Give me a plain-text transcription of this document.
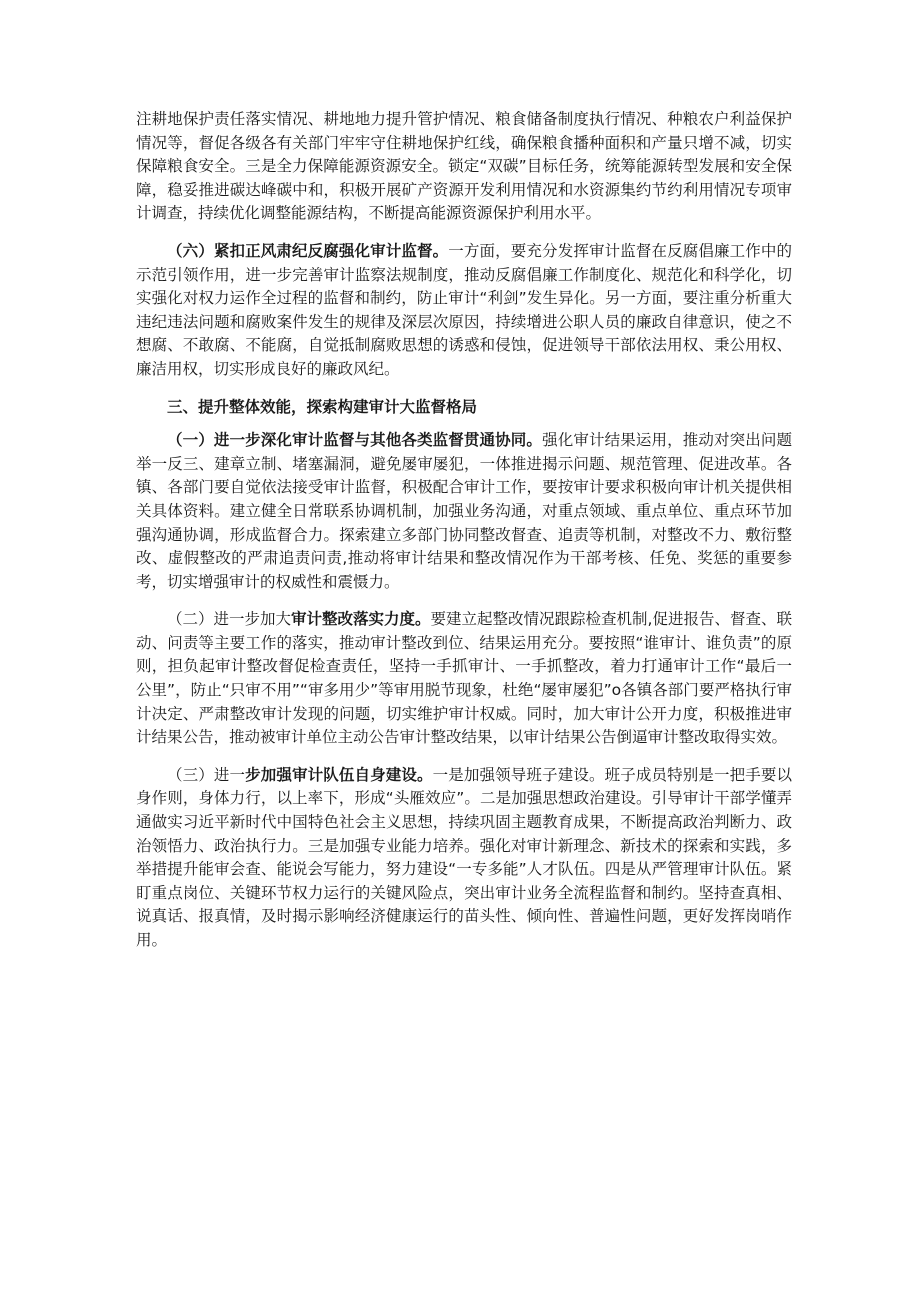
注耕地保护责任落实情况、耕地地力提升管护情况、粮食储备制度执行情况、种粮农户利益保护情况等，督促各级各有关部门牢牢守住耕地保护红线，确保粮食播种面积和产量只增不减，切实保障粮食安全。三是全力保障能源资源安全。锁定“双碳”目标任务，统筹能源转型发展和安全保障，稳妥推进碳达峰碳中和，积极开展矿产资源开发利用情况和水资源集约节约利用情况专项审计调查，持续优化调整能源结构，不断提高能源资源保护利用水平。

（六）紧扣正风肃纪反腐强化审计监督。一方面，要充分发挥审计监督在反腐倡廉工作中的示范引领作用，进一步完善审计监察法规制度，推动反腐倡廉工作制度化、规范化和科学化，切实强化对权力运作全过程的监督和制约，防止审计“利剑”发生异化。另一方面，要注重分析重大违纪违法问题和腐败案件发生的规律及深层次原因，持续增进公职人员的廉政自律意识，使之不想腐、不敢腐、不能腐，自觉抵制腐败思想的诱惑和侵蚀，促进领导干部依法用权、秉公用权、廉洁用权，切实形成良好的廉政风纪。

三、提升整体效能，探索构建审计大监督格局

（一）进一步深化审计监督与其他各类监督贯通协同。强化审计结果运用，推动对突出问题举一反三、建章立制、堵塞漏洞，避免屡审屡犯，一体推进揭示问题、规范管理、促进改革。各镇、各部门要自觉依法接受审计监督，积极配合审计工作，要按审计要求积极向审计机关提供相关具体资料。建立健全日常联系协调机制，加强业务沟通，对重点领域、重点单位、重点环节加强沟通协调，形成监督合力。探索建立多部门协同整改督查、追责等机制，对整改不力、敷衍整改、虚假整改的严肃追责问责,推动将审计结果和整改情况作为干部考核、任免、奖惩的重要参考，切实增强审计的权威性和震慑力。

（二）进一步加大审计整改落实力度。要建立起整改情况跟踪检查机制,促进报告、督查、联动、问责等主要工作的落实，推动审计整改到位、结果运用充分。要按照“谁审计、谁负责”的原则，担负起审计整改督促检查责任，坚持一手抓审计、一手抓整改，着力打通审计工作“最后一公里”，防止“只审不用”“审多用少”等审用脱节现象，杜绝“屡审屡犯”o各镇各部门要严格执行审计决定、严肃整改审计发现的问题，切实维护审计权威。同时，加大审计公开力度，积极推进审计结果公告，推动被审计单位主动公告审计整改结果，以审计结果公告倒逼审计整改取得实效。

（三）进一步加强审计队伍自身建设。一是加强领导班子建设。班子成员特别是一把手要以身作则，身体力行，以上率下，形成“头雁效应”。二是加强思想政治建设。引导审计干部学懂弄通做实习近平新时代中国特色社会主义思想，持续巩固主题教育成果，不断提高政治判断力、政治领悟力、政治执行力。三是加强专业能力培养。强化对审计新理念、新技术的探索和实践，多举措提升能审会查、能说会写能力，努力建设“一专多能”人才队伍。四是从严管理审计队伍。紧盯重点岗位、关键环节权力运行的关键风险点，突出审计业务全流程监督和制约。坚持查真相、说真话、报真情，及时揭示影响经济健康运行的苗头性、倾向性、普遍性问题，更好发挥岗哨作用。
